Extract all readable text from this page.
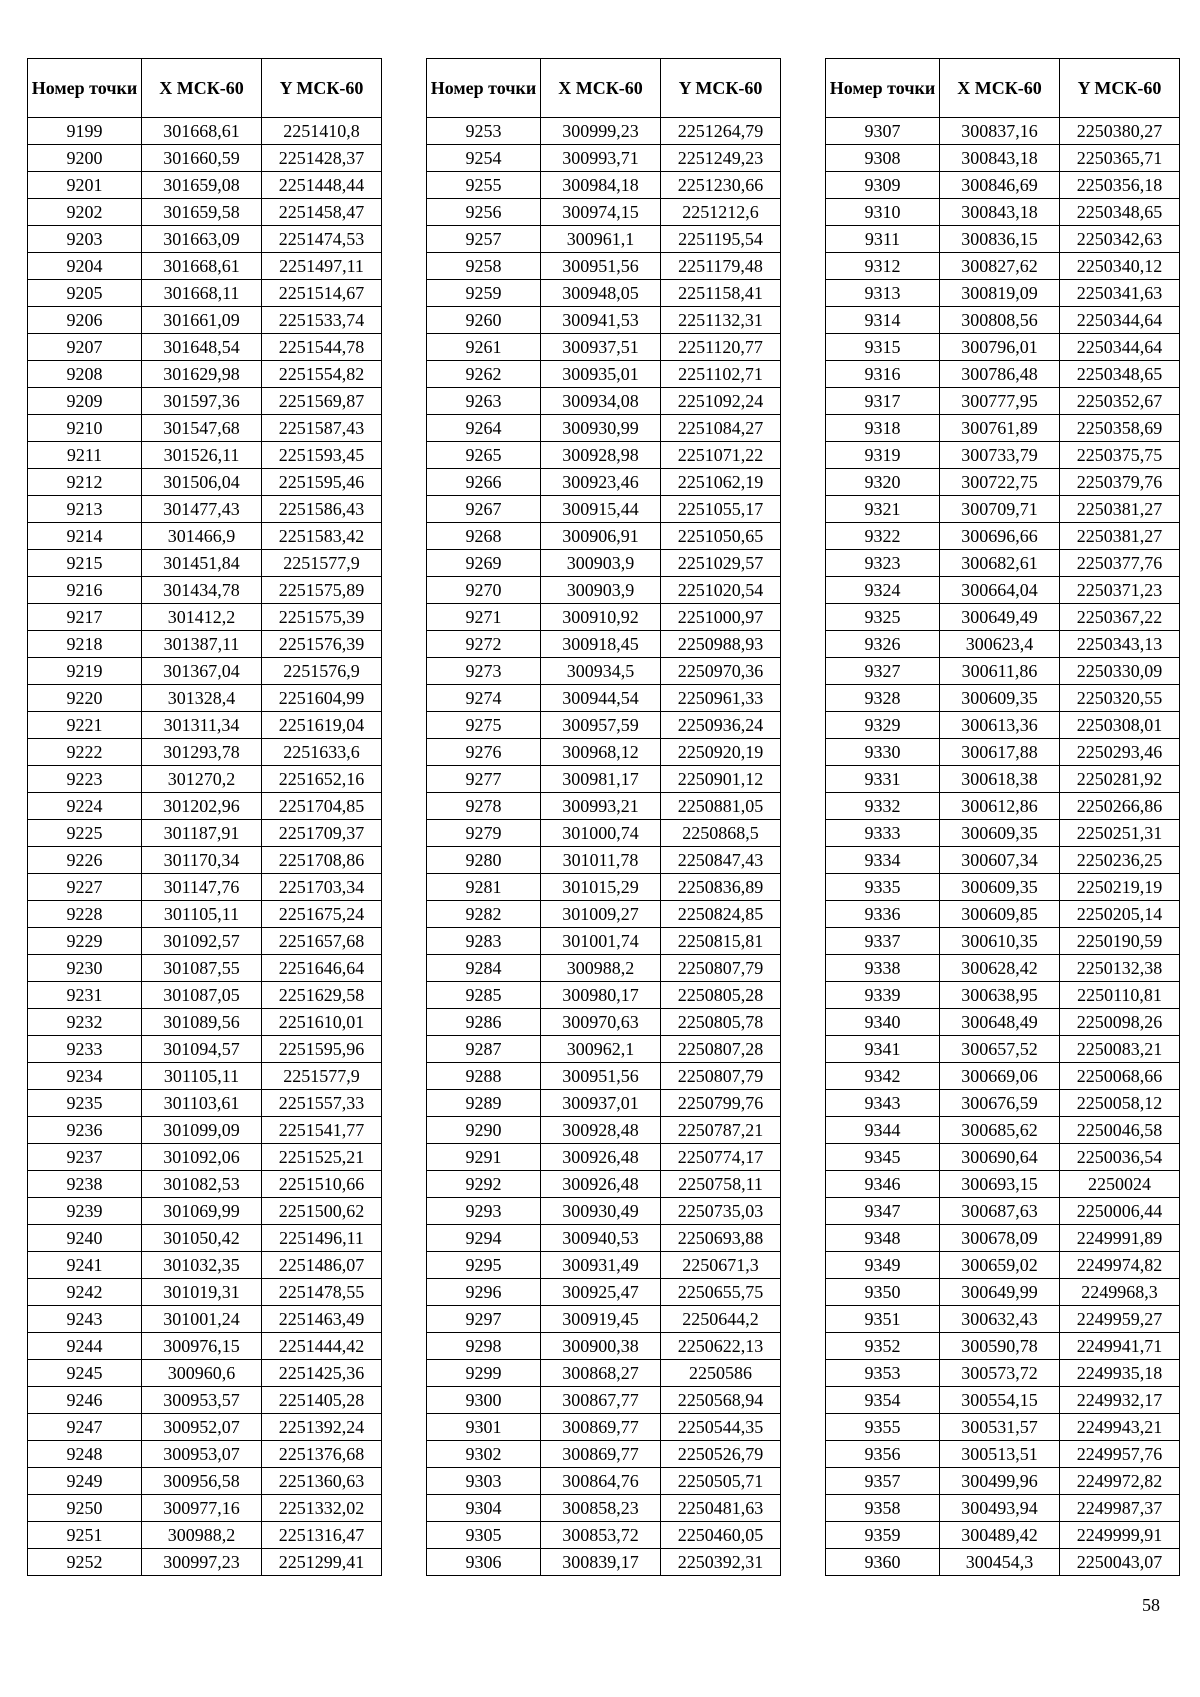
Номер точки	X МСК-60	Y МСК-60
9199	301668,61	2251410,8
9200	301660,59	2251428,37
9201	301659,08	2251448,44
9202	301659,58	2251458,47
9203	301663,09	2251474,53
9204	301668,61	2251497,11
9205	301668,11	2251514,67
9206	301661,09	2251533,74
9207	301648,54	2251544,78
9208	301629,98	2251554,82
9209	301597,36	2251569,87
9210	301547,68	2251587,43
9211	301526,11	2251593,45
9212	301506,04	2251595,46
9213	301477,43	2251586,43
9214	301466,9	2251583,42
9215	301451,84	2251577,9
9216	301434,78	2251575,89
9217	301412,2	2251575,39
9218	301387,11	2251576,39
9219	301367,04	2251576,9
9220	301328,4	2251604,99
9221	301311,34	2251619,04
9222	301293,78	2251633,6
9223	301270,2	2251652,16
9224	301202,96	2251704,85
9225	301187,91	2251709,37
9226	301170,34	2251708,86
9227	301147,76	2251703,34
9228	301105,11	2251675,24
9229	301092,57	2251657,68
9230	301087,55	2251646,64
9231	301087,05	2251629,58
9232	301089,56	2251610,01
9233	301094,57	2251595,96
9234	301105,11	2251577,9
9235	301103,61	2251557,33
9236	301099,09	2251541,77
9237	301092,06	2251525,21
9238	301082,53	2251510,66
9239	301069,99	2251500,62
9240	301050,42	2251496,11
9241	301032,35	2251486,07
9242	301019,31	2251478,55
9243	301001,24	2251463,49
9244	300976,15	2251444,42
9245	300960,6	2251425,36
9246	300953,57	2251405,28
9247	300952,07	2251392,24
9248	300953,07	2251376,68
9249	300956,58	2251360,63
9250	300977,16	2251332,02
9251	300988,2	2251316,47
9252	300997,23	2251299,41
Номер точки	X МСК-60	Y МСК-60
9253	300999,23	2251264,79
9254	300993,71	2251249,23
9255	300984,18	2251230,66
9256	300974,15	2251212,6
9257	300961,1	2251195,54
9258	300951,56	2251179,48
9259	300948,05	2251158,41
9260	300941,53	2251132,31
9261	300937,51	2251120,77
9262	300935,01	2251102,71
9263	300934,08	2251092,24
9264	300930,99	2251084,27
9265	300928,98	2251071,22
9266	300923,46	2251062,19
9267	300915,44	2251055,17
9268	300906,91	2251050,65
9269	300903,9	2251029,57
9270	300903,9	2251020,54
9271	300910,92	2251000,97
9272	300918,45	2250988,93
9273	300934,5	2250970,36
9274	300944,54	2250961,33
9275	300957,59	2250936,24
9276	300968,12	2250920,19
9277	300981,17	2250901,12
9278	300993,21	2250881,05
9279	301000,74	2250868,5
9280	301011,78	2250847,43
9281	301015,29	2250836,89
9282	301009,27	2250824,85
9283	301001,74	2250815,81
9284	300988,2	2250807,79
9285	300980,17	2250805,28
9286	300970,63	2250805,78
9287	300962,1	2250807,28
9288	300951,56	2250807,79
9289	300937,01	2250799,76
9290	300928,48	2250787,21
9291	300926,48	2250774,17
9292	300926,48	2250758,11
9293	300930,49	2250735,03
9294	300940,53	2250693,88
9295	300931,49	2250671,3
9296	300925,47	2250655,75
9297	300919,45	2250644,2
9298	300900,38	2250622,13
9299	300868,27	2250586
9300	300867,77	2250568,94
9301	300869,77	2250544,35
9302	300869,77	2250526,79
9303	300864,76	2250505,71
9304	300858,23	2250481,63
9305	300853,72	2250460,05
9306	300839,17	2250392,31
Номер точки	X МСК-60	Y МСК-60
9307	300837,16	2250380,27
9308	300843,18	2250365,71
9309	300846,69	2250356,18
9310	300843,18	2250348,65
9311	300836,15	2250342,63
9312	300827,62	2250340,12
9313	300819,09	2250341,63
9314	300808,56	2250344,64
9315	300796,01	2250344,64
9316	300786,48	2250348,65
9317	300777,95	2250352,67
9318	300761,89	2250358,69
9319	300733,79	2250375,75
9320	300722,75	2250379,76
9321	300709,71	2250381,27
9322	300696,66	2250381,27
9323	300682,61	2250377,76
9324	300664,04	2250371,23
9325	300649,49	2250367,22
9326	300623,4	2250343,13
9327	300611,86	2250330,09
9328	300609,35	2250320,55
9329	300613,36	2250308,01
9330	300617,88	2250293,46
9331	300618,38	2250281,92
9332	300612,86	2250266,86
9333	300609,35	2250251,31
9334	300607,34	2250236,25
9335	300609,35	2250219,19
9336	300609,85	2250205,14
9337	300610,35	2250190,59
9338	300628,42	2250132,38
9339	300638,95	2250110,81
9340	300648,49	2250098,26
9341	300657,52	2250083,21
9342	300669,06	2250068,66
9343	300676,59	2250058,12
9344	300685,62	2250046,58
9345	300690,64	2250036,54
9346	300693,15	2250024
9347	300687,63	2250006,44
9348	300678,09	2249991,89
9349	300659,02	2249974,82
9350	300649,99	2249968,3
9351	300632,43	2249959,27
9352	300590,78	2249941,71
9353	300573,72	2249935,18
9354	300554,15	2249932,17
9355	300531,57	2249943,21
9356	300513,51	2249957,76
9357	300499,96	2249972,82
9358	300493,94	2249987,37
9359	300489,42	2249999,91
9360	300454,3	2250043,07
58
